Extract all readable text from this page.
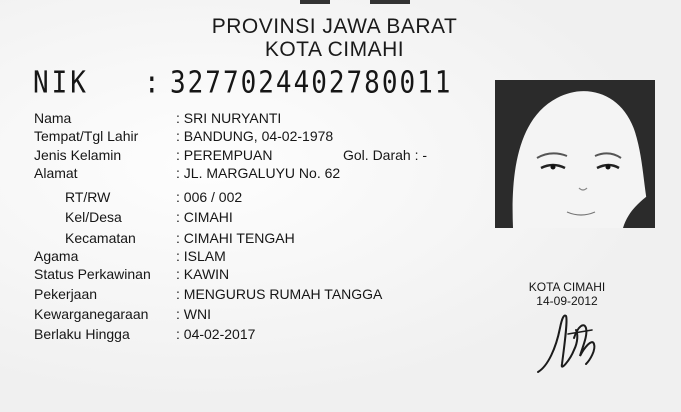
PROVINSI JAWA BARAT
KOTA CIMAHI
NIK : 3277024402780011
Nama	: SRI NURYANTI
Tempat/Tgl Lahir	: BANDUNG, 04-02-1978
Jenis Kelamin	: PEREMPUAN	Gol. Darah : -
Alamat	: JL. MARGALUYU No. 62
RT/RW	: 006 / 002
Kel/Desa	: CIMAHI
Kecamatan	: CIMAHI TENGAH
Agama	: ISLAM
Status Perkawinan : KAWIN
Pekerjaan	: MENGURUS RUMAH TANGGA
Kewarganegaraan : WNI
Berlaku Hingga	: 04-02-2017
KOTA CIMAHI
14-09-2012
